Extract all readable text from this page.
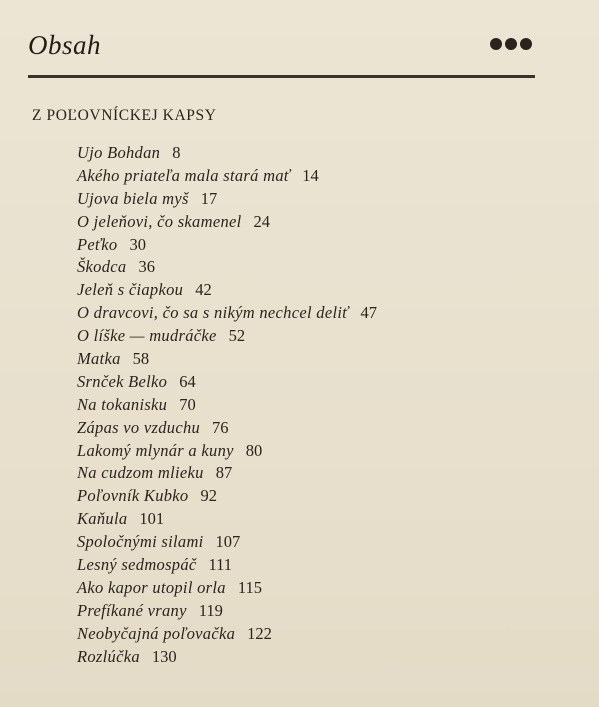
Obsah
Z POĽOVNÍCKEJ KAPSY
Ujo Bohdan 8
Akého priateľa mala stará mať 14
Ujova biela myš 17
O jeleňovi, čo skamenel 24
Peťko 30
Škodca 36
Jeleň s čiapkou 42
O dravcovi, čo sa s nikým nechcel deliť 47
O líške — mudráčke 52
Matka 58
Srnček Belko 64
Na tokanisku 70
Zápas vo vzduchu 76
Lakomý mlynár a kuny 80
Na cudzom mlieku 87
Poľovník Kubko 92
Kaňula 101
Spoločnými silami 107
Lesný sedmospáč 111
Ako kapor utopil orla 115
Prefíkané vrany 119
Neobyčajná poľovačka 122
Rozlúčka 130
